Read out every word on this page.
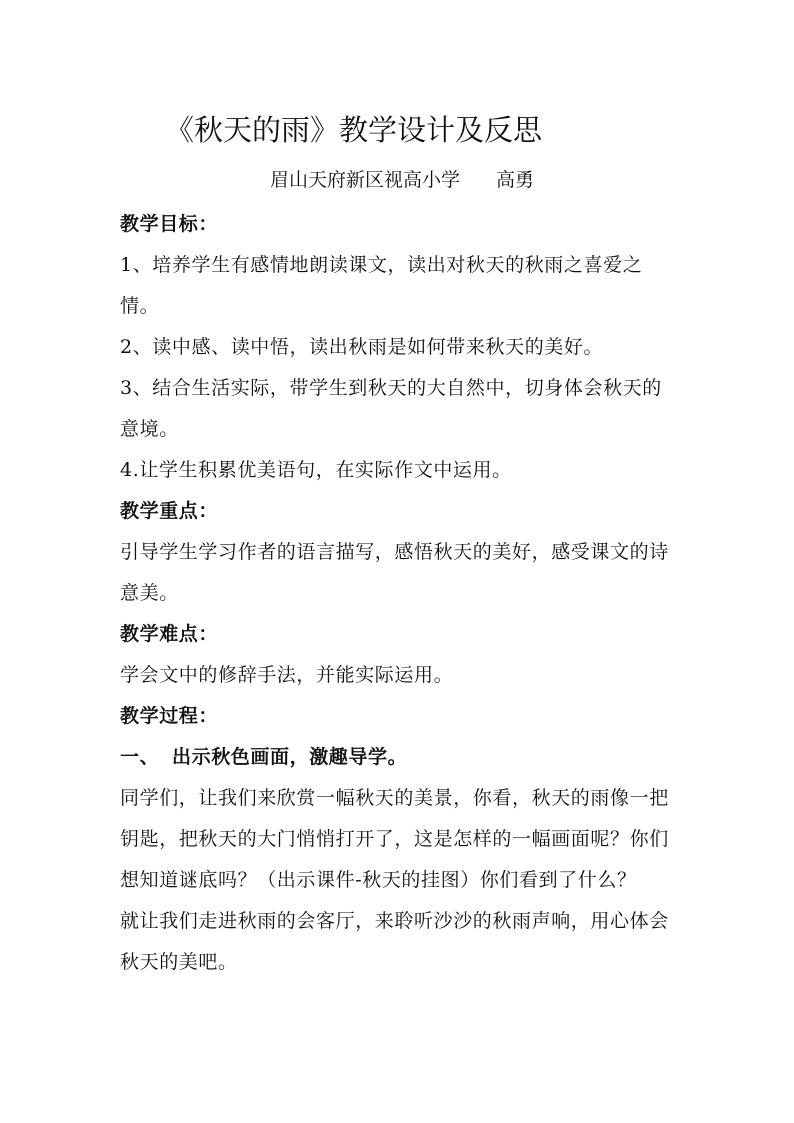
《秋天的雨》教学设计及反思
眉山天府新区视高小学 高勇

教学目标：

1、培养学生有感情地朗读课文，读出对秋天的秋雨之喜爱之情。

2、读中感、读中悟，读出秋雨是如何带来秋天的美好。

3、结合生活实际，带学生到秋天的大自然中，切身体会秋天的意境。

4.让学生积累优美语句，在实际作文中运用。

教学重点：

引导学生学习作者的语言描写，感悟秋天的美好，感受课文的诗意美。

教学难点：

学会文中的修辞手法，并能实际运用。

教学过程：

一、 出示秋色画面，激趣导学。

同学们，让我们来欣赏一幅秋天的美景，你看，秋天的雨像一把钥匙，把秋天的大门悄悄打开了，这是怎样的一幅画面呢？你们想知道谜底吗？（出示课件-秋天的挂图）你们看到了什么？

就让我们走进秋雨的会客厅，来聆听沙沙的秋雨声响，用心体会秋天的美吧。
